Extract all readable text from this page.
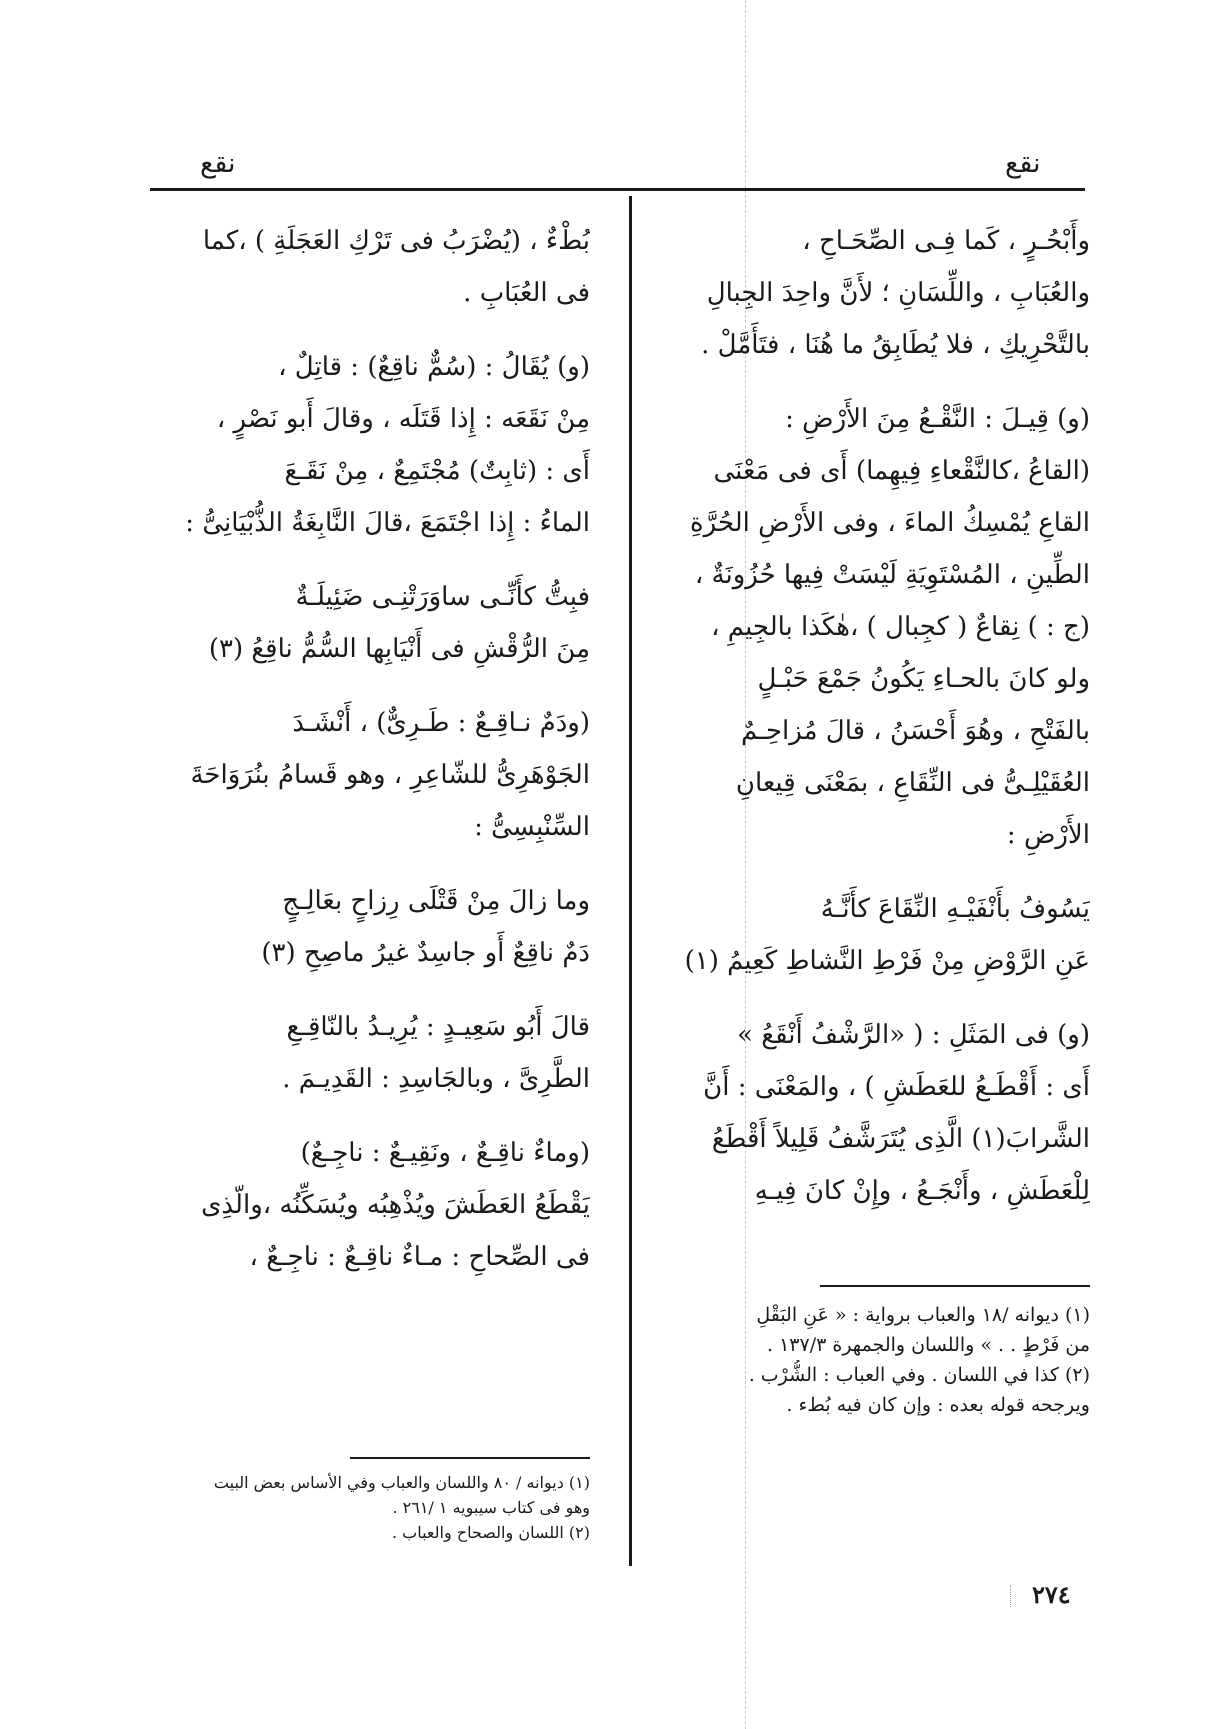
نقع	نقع
وأَبْحُـرٍ ، كَما فِـى الصِّحَـاحِ ،
والعُبَابِ ، واللِّسَانِ ؛ لأَنَّ واحِدَ الجِبالِ
بالتَّحْرِيكِ ، فلا يُطَابِقُ ما هُنَا ، فتَأَمَّلْ .
(و) قِيـلَ : النَّقْـعُ مِنَ الأَرْضِ :
(القاعُ ،كالنَّقْعاءِ فِيهِما) أَى فى مَعْنَى
القاعِ يُمْسِكُ الماءَ ، وفى الأَرْضِ الحُرَّةِ
الطِّينِ ، المُسْتَوِيَةِ لَيْسَتْ فِيها حُزُونَةٌ ،
(ج : ) نِقاعٌ ( كجِبال ) ،هٰكَذا بالجِيمِ ،
ولو كانَ بالحـاءِ يَكُونُ جَمْعَ حَبْـلٍ
بالفَتْحِ ، وهُوَ أَحْسَنُ ، قالَ مُزاحِـمٌ
العُقَيْلِـىُّ فى النِّقَاعِ ، بمَعْنَى قِيعانِ
الأَرْضِ :
يَسُوفُ بأَنْفَيْـهِ النِّقَاعَ كأَنَّـهُ
عَنِ الرَّوْضِ مِنْ فَرْطِ النَّشاطِ كَعِيمُ (١)
(و) فى المَثَلِ : ( «الرَّشْفُ أَنْقَعُ »
أَى : أَقْطَـعُ للعَطَشِ ) ، والمَعْنَى : أَنَّ
الشَّرابَ(١) الَّذِى يُتَرَشَّفُ قَلِيلاً أَقْطَعُ
لِلْعَطَشِ ، وأَنْجَـعُ ، وإِنْ كانَ فِيـهِ
بُطْءٌ ، (يُضْرَبُ فى تَرْكِ العَجَلَةِ ) ،كما
فى العُبَابِ .
(و) يُقَالُ : (سُمٌّ ناقِعٌ) : قاتِلٌ ،
مِنْ نَقَعَه : إِذا قَتَلَه ، وقالَ أَبو نَصْرٍ ،
أَى : (ثابِتٌ) مُجْتَمِعٌ ، مِنْ نَقَـعَ
الماءُ : إِذا اجْتَمَعَ ،قالَ النَّابِغَةُ الذُّبْيَانِىُّ :
فبِتُّ كأَنِّـى ساوَرَتْنِـى ضَئِيلَـةٌ
مِنَ الرُّقْشِ فى أَنْيَابِها السُّمُّ ناقِعُ (٣)
(ودَمٌ نـاقِـعٌ : طَـرِىٌّ) ، أَنْشَـدَ
الجَوْهَرِىُّ للشّاعِرِ ، وهو قَسامُ بنُرَوَاحَةَ
السِّنْبِسِىُّ :
وما زالَ مِنْ قَتْلَى رِزاحٍ بعَالِـجٍ
دَمٌ ناقِعٌ أَو جاسِدٌ غيرُ ماصِحِ (٣)
قالَ أَبُو سَعِيـدٍ : يُرِيـدُ بالنّاقِـعِ
الطَّرِىَّ ، وبالجَاسِدِ : القَدِيـمَ .
(وماءٌ ناقِـعٌ ، ونَقِيـعٌ : ناجِـعٌ)
يَقْطَعُ العَطَشَ ويُذْهِبُه ويُسَكِّنُه ،والّذِى
فى الصِّحاحِ : مـاءٌ ناقِـعٌ : ناجِـعٌ ،
(١) ديوانه /١٨ والعباب برواية : « عَنِ البَقْلِ
من فَرْطٍ . . » واللسان والجمهرة ١٣٧/٣ .
(٢) كذا في اللسان . وفي العباب : الشُّرْب .
ويرجحه قوله بعده : وإن كان فيه بُطء .
(١) ديوانه / ٨٠ واللسان والعباب وفي الأساس بعض البيت
وهو فى كتاب سيبويه ١ /٢٦١ .
(٢) اللسان والصحاح والعباب .
٢٧٤
